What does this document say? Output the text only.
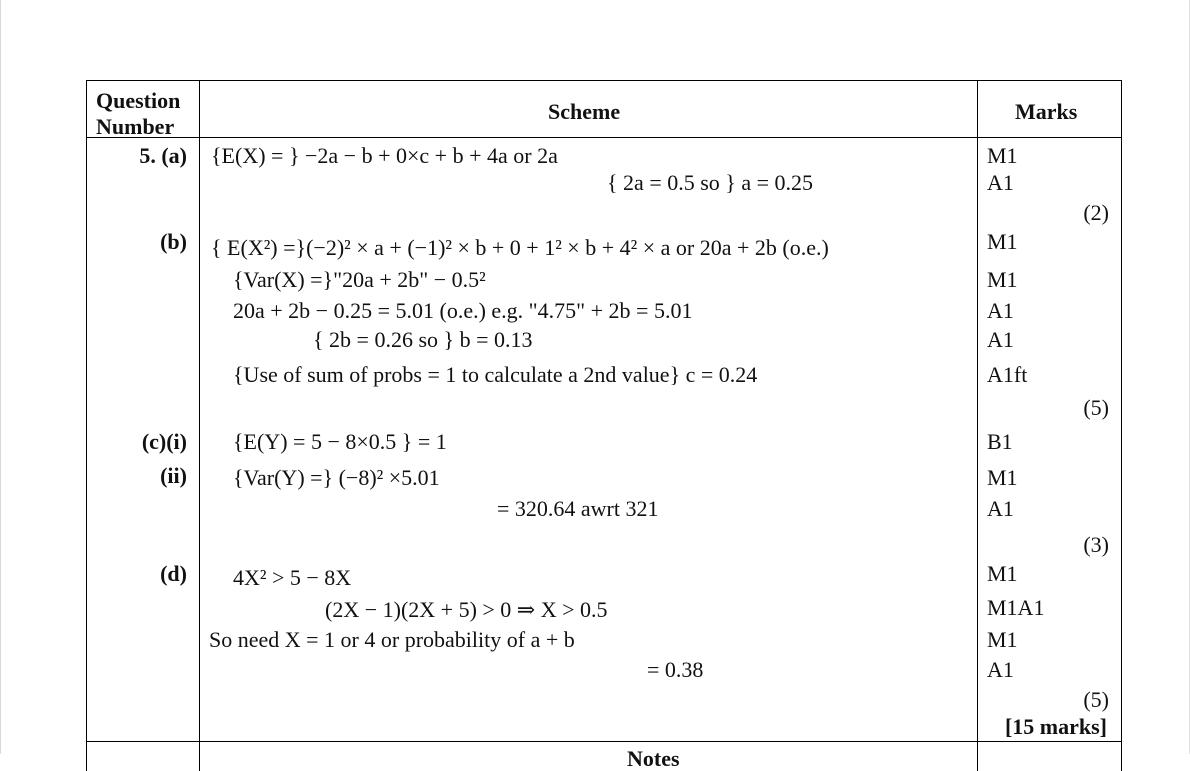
Question Number
Scheme	Marks
5. (a)
(b)
(c)(i)
(ii)
(d)
{E(X) = } −2a − b + 0×c + b + 4a or 2a
{ 2a = 0.5 so } a = 0.25
{ E(X²) =}(−2)² × a + (−1)² × b + 0 + 1² × b + 4² × a or 20a + 2b (o.e.)
{Var(X) =}"20a + 2b" − 0.5²
20a + 2b − 0.25 = 5.01 (o.e.) e.g. "4.75" + 2b = 5.01
{ 2b = 0.26 so } b = 0.13
{Use of sum of probs = 1 to calculate a 2nd value} c = 0.24
{E(Y) = 5 − 8×0.5 } = 1
{Var(Y) =} (−8)² ×5.01
= 320.64 awrt 321
4X² > 5 − 8X
(2X − 1)(2X + 5) > 0 ⇒ X > 0.5
So need X = 1 or 4 or probability of a + b
= 0.38
Notes
M1
A1
(2)
M1
M1
A1
A1
A1ft
(5)
B1
M1
A1
(3)
M1
M1A1
M1
A1
(5)
[15 marks]
